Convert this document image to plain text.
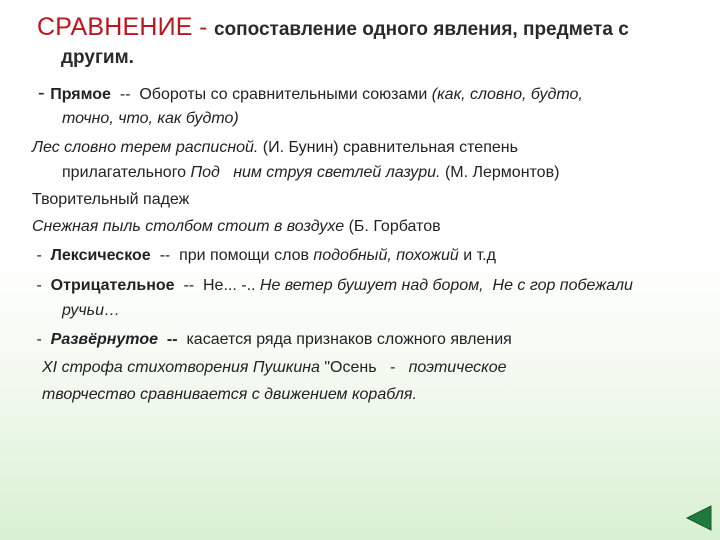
СРАВНЕНИЕ - сопоставление одного явления, предмета с
другим.
- Прямое  --  Обороты со сравнительными союзами (как, словно, будто,
точно, что, как будто)
Лес словно терем расписной. (И. Бунин) сравнительная степень
прилагательного Под   ним струя светлей лазури. (М. Лермонтов)
Творительный падеж
Снежная пыль столбом стоит в воздухе (Б. Горбатов
-  Лексическое  --  при помощи слов подобный, похожий и т.д
-  Отрицательное  --  Не... -.. Не ветер бушует над бором,  Не с гор побежали
ручьи…
-  Развёрнутое  --  касается ряда признаков сложного явления
XI строфа стихотворения Пушкина "Осень   -   поэтическое
творчество сравнивается с движением корабля.
